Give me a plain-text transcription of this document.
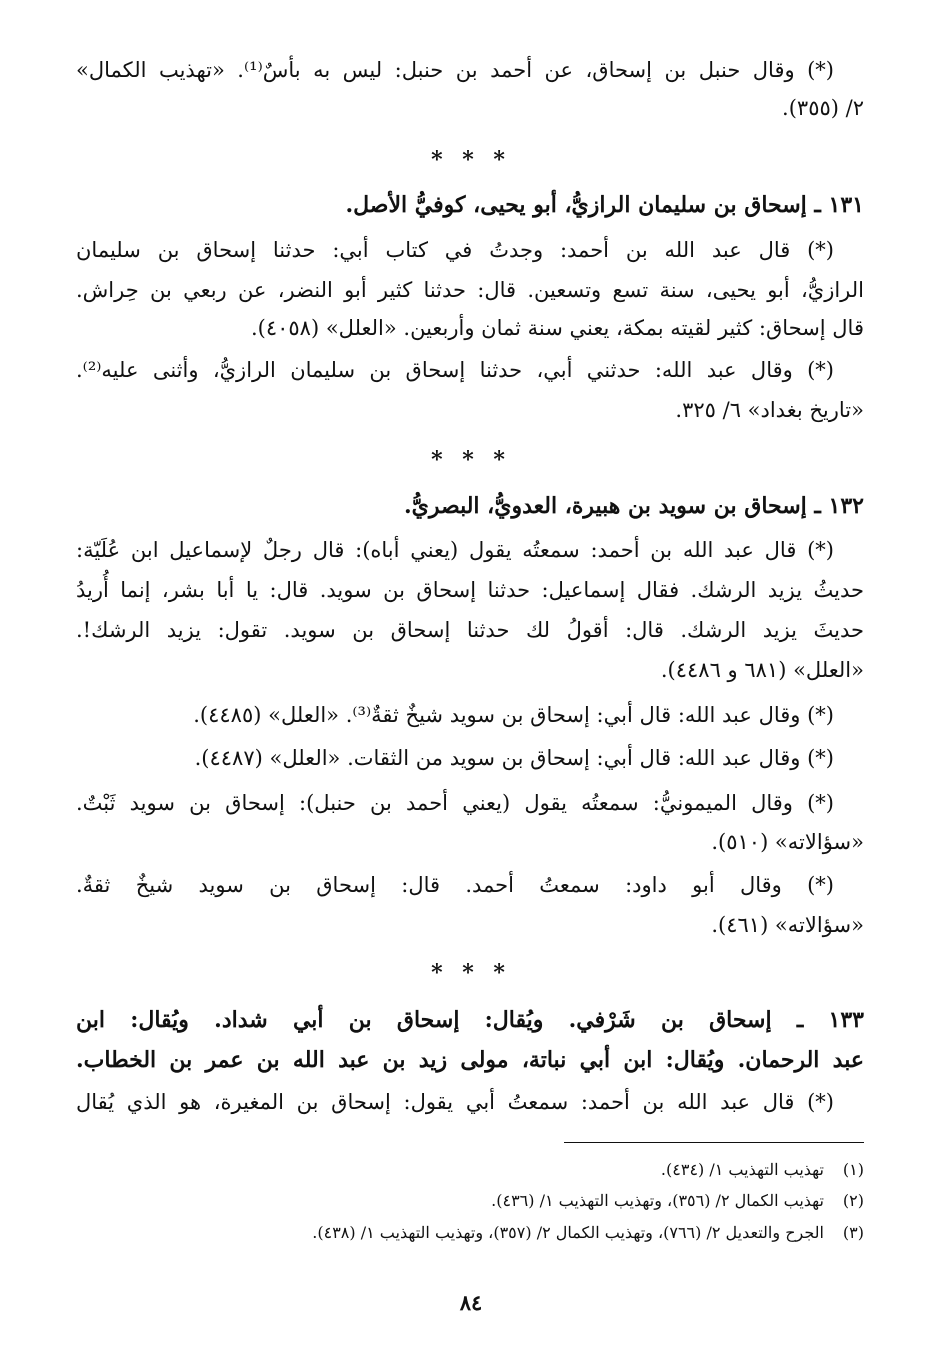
(*) وقال حنبل بن إسحاق، عن أحمد بن حنبل: ليس به بأسٌ⁽¹⁾. «تهذيب الكمال»
٢/ (٣٥٥).
* * *
١٣١ ـ إسحاق بن سليمان الرازيُّ، أبو يحيى، كوفيُّ الأصل.
(*) قال عبد الله بن أحمد: وجدتُ في كتاب أبي: حدثنا إسحاق بن سليمان
الرازيُّ، أبو يحيى، سنة تسع وتسعين. قال: حدثنا كثير أبو النضر، عن ربعي بن حِراش.
قال إسحاق: كثير لقيته بمكة، يعني سنة ثمان وأربعين. «العلل» (٤٠٥٨).
(*) وقال عبد الله: حدثني أبي، حدثنا إسحاق بن سليمان الرازيُّ، وأثنى عليه⁽²⁾.
«تاريخ بغداد» ٦/ ٣٢٥.
* * *
١٣٢ ـ إسحاق بن سويد بن هبيرة، العدويُّ، البصريُّ.
(*) قال عبد الله بن أحمد: سمعتُه يقول (يعني أباه): قال رجلٌ لإسماعيل ابن عُلَيّة:
حديثُ يزيد الرشك. فقال إسماعيل: حدثنا إسحاق بن سويد. قال: يا أبا بشر، إنما أُريدُ
حديثَ يزيد الرشك. قال: أقولُ لك حدثنا إسحاق بن سويد. تقول: يزيد الرشك!.
«العلل» (٦٨١ و ٤٤٨٦).
(*) وقال عبد الله: قال أبي: إسحاق بن سويد شيخٌ ثقةٌ⁽³⁾. «العلل» (٤٤٨٥).
(*) وقال عبد الله: قال أبي: إسحاق بن سويد من الثقات. «العلل» (٤٤٨٧).
(*) وقال الميمونيُّ: سمعتُه يقول (يعني أحمد بن حنبل): إسحاق بن سويد ثَبْتٌ.
«سؤالاته» (٥١٠).
(*) وقال أبو داود: سمعتُ أحمد. قال: إسحاق بن سويد شيخٌ ثقةٌ.
«سؤالاته» (٤٦١).
* * *
١٣٣ ـ إسحاق بن شَرْفي. ويُقال: إسحاق بن أبي شداد. ويُقال: ابن
عبد الرحمان. ويُقال: ابن أبي نباتة، مولى زيد بن عبد الله بن عمر بن الخطاب.
(*) قال عبد الله بن أحمد: سمعتُ أبي يقول: إسحاق بن المغيرة، هو الذي يُقال
(١)تهذيب التهذيب ١/ (٤٣٤).
(٢)تهذيب الكمال ٢/ (٣٥٦)، وتهذيب التهذيب ١/ (٤٣٦).
(٣)الجرح والتعديل ٢/ (٧٦٦)، وتهذيب الكمال ٢/ (٣٥٧)، وتهذيب التهذيب ١/ (٤٣٨).
٨٤
